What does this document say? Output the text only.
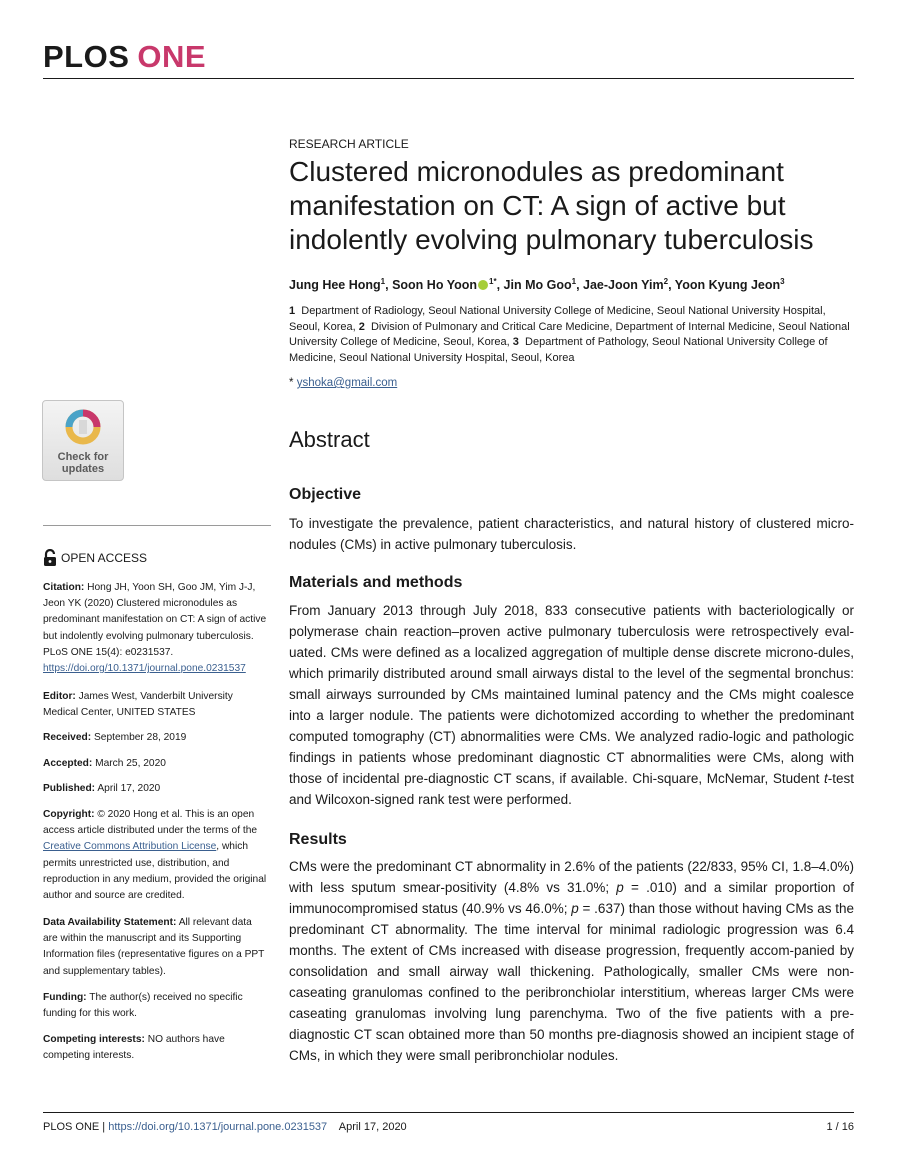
PLOS ONE
RESEARCH ARTICLE
Clustered micronodules as predominant manifestation on CT: A sign of active but indolently evolving pulmonary tuberculosis
Jung Hee Hong$^1$, Soon Ho Yoon $^{1*}$, Jin Mo Goo$^1$, Jae-Joon Yim$^2$, Yoon Kyung Jeon$^3$
1 Department of Radiology, Seoul National University College of Medicine, Seoul National University Hospital, Seoul, Korea, 2 Division of Pulmonary and Critical Care Medicine, Department of Internal Medicine, Seoul National University College of Medicine, Seoul, Korea, 3 Department of Pathology, Seoul National University College of Medicine, Seoul National University Hospital, Seoul, Korea
* yshoka@gmail.com
Check for
updates
OPEN ACCESS
Citation: Hong JH, Yoon SH, Goo JM, Yim J-J, Jeon YK (2020) Clustered micronodules as predominant manifestation on CT: A sign of active but indolently evolving pulmonary tuberculosis. PLoS ONE 15(4): e0231537. https://doi.org/10.1371/journal.pone.0231537
Editor: James West, Vanderbilt University Medical Center, UNITED STATES
Received: September 28, 2019
Accepted: March 25, 2020
Published: April 17, 2020
Copyright: © 2020 Hong et al. This is an open access article distributed under the terms of the Creative Commons Attribution License, which permits unrestricted use, distribution, and reproduction in any medium, provided the original author and source are credited.
Data Availability Statement: All relevant data are within the manuscript and its Supporting Information files (representative figures on a PPT and supplementary tables).
Funding: The author(s) received no specific funding for this work.
Competing interests: NO authors have competing interests.
Abstract
Objective
To investigate the prevalence, patient characteristics, and natural history of clustered micro-nodules (CMs) in active pulmonary tuberculosis.
Materials and methods
From January 2013 through July 2018, 833 consecutive patients with bacteriologically or polymerase chain reaction–proven active pulmonary tuberculosis were retrospectively eval-uated. CMs were defined as a localized aggregation of multiple dense discrete microno-dules, which primarily distributed around small airways distal to the level of the segmental bronchus: small airways surrounded by CMs maintained luminal patency and the CMs might coalesce into a larger nodule. The patients were dichotomized according to whether the predominant computed tomography (CT) abnormalities were CMs. We analyzed radio-logic and pathologic findings in patients whose predominant diagnostic CT abnormalities were CMs, along with those of incidental pre-diagnostic CT scans, if available. Chi-square, McNemar, Student t-test and Wilcoxon-signed rank test were performed.
Results
CMs were the predominant CT abnormality in 2.6% of the patients (22/833, 95% CI, 1.8–4.0%) with less sputum smear-positivity (4.8% vs 31.0%; p = .010) and a similar proportion of immunocompromised status (40.9% vs 46.0%; p = .637) than those without having CMs as the predominant CT abnormality. The time interval for minimal radiologic progression was 6.4 months. The extent of CMs increased with disease progression, frequently accom-panied by consolidation and small airway wall thickening. Pathologically, smaller CMs were non-caseating granulomas confined to the peribronchiolar interstitium, whereas larger CMs were caseating granulomas involving lung parenchyma. Two of the five patients with a pre-diagnostic CT scan obtained more than 50 months pre-diagnosis showed an incipient stage of CMs, in which they were small peribronchiolar nodules.
PLOS ONE | https://doi.org/10.1371/journal.pone.0231537 April 17, 2020	1 / 16
